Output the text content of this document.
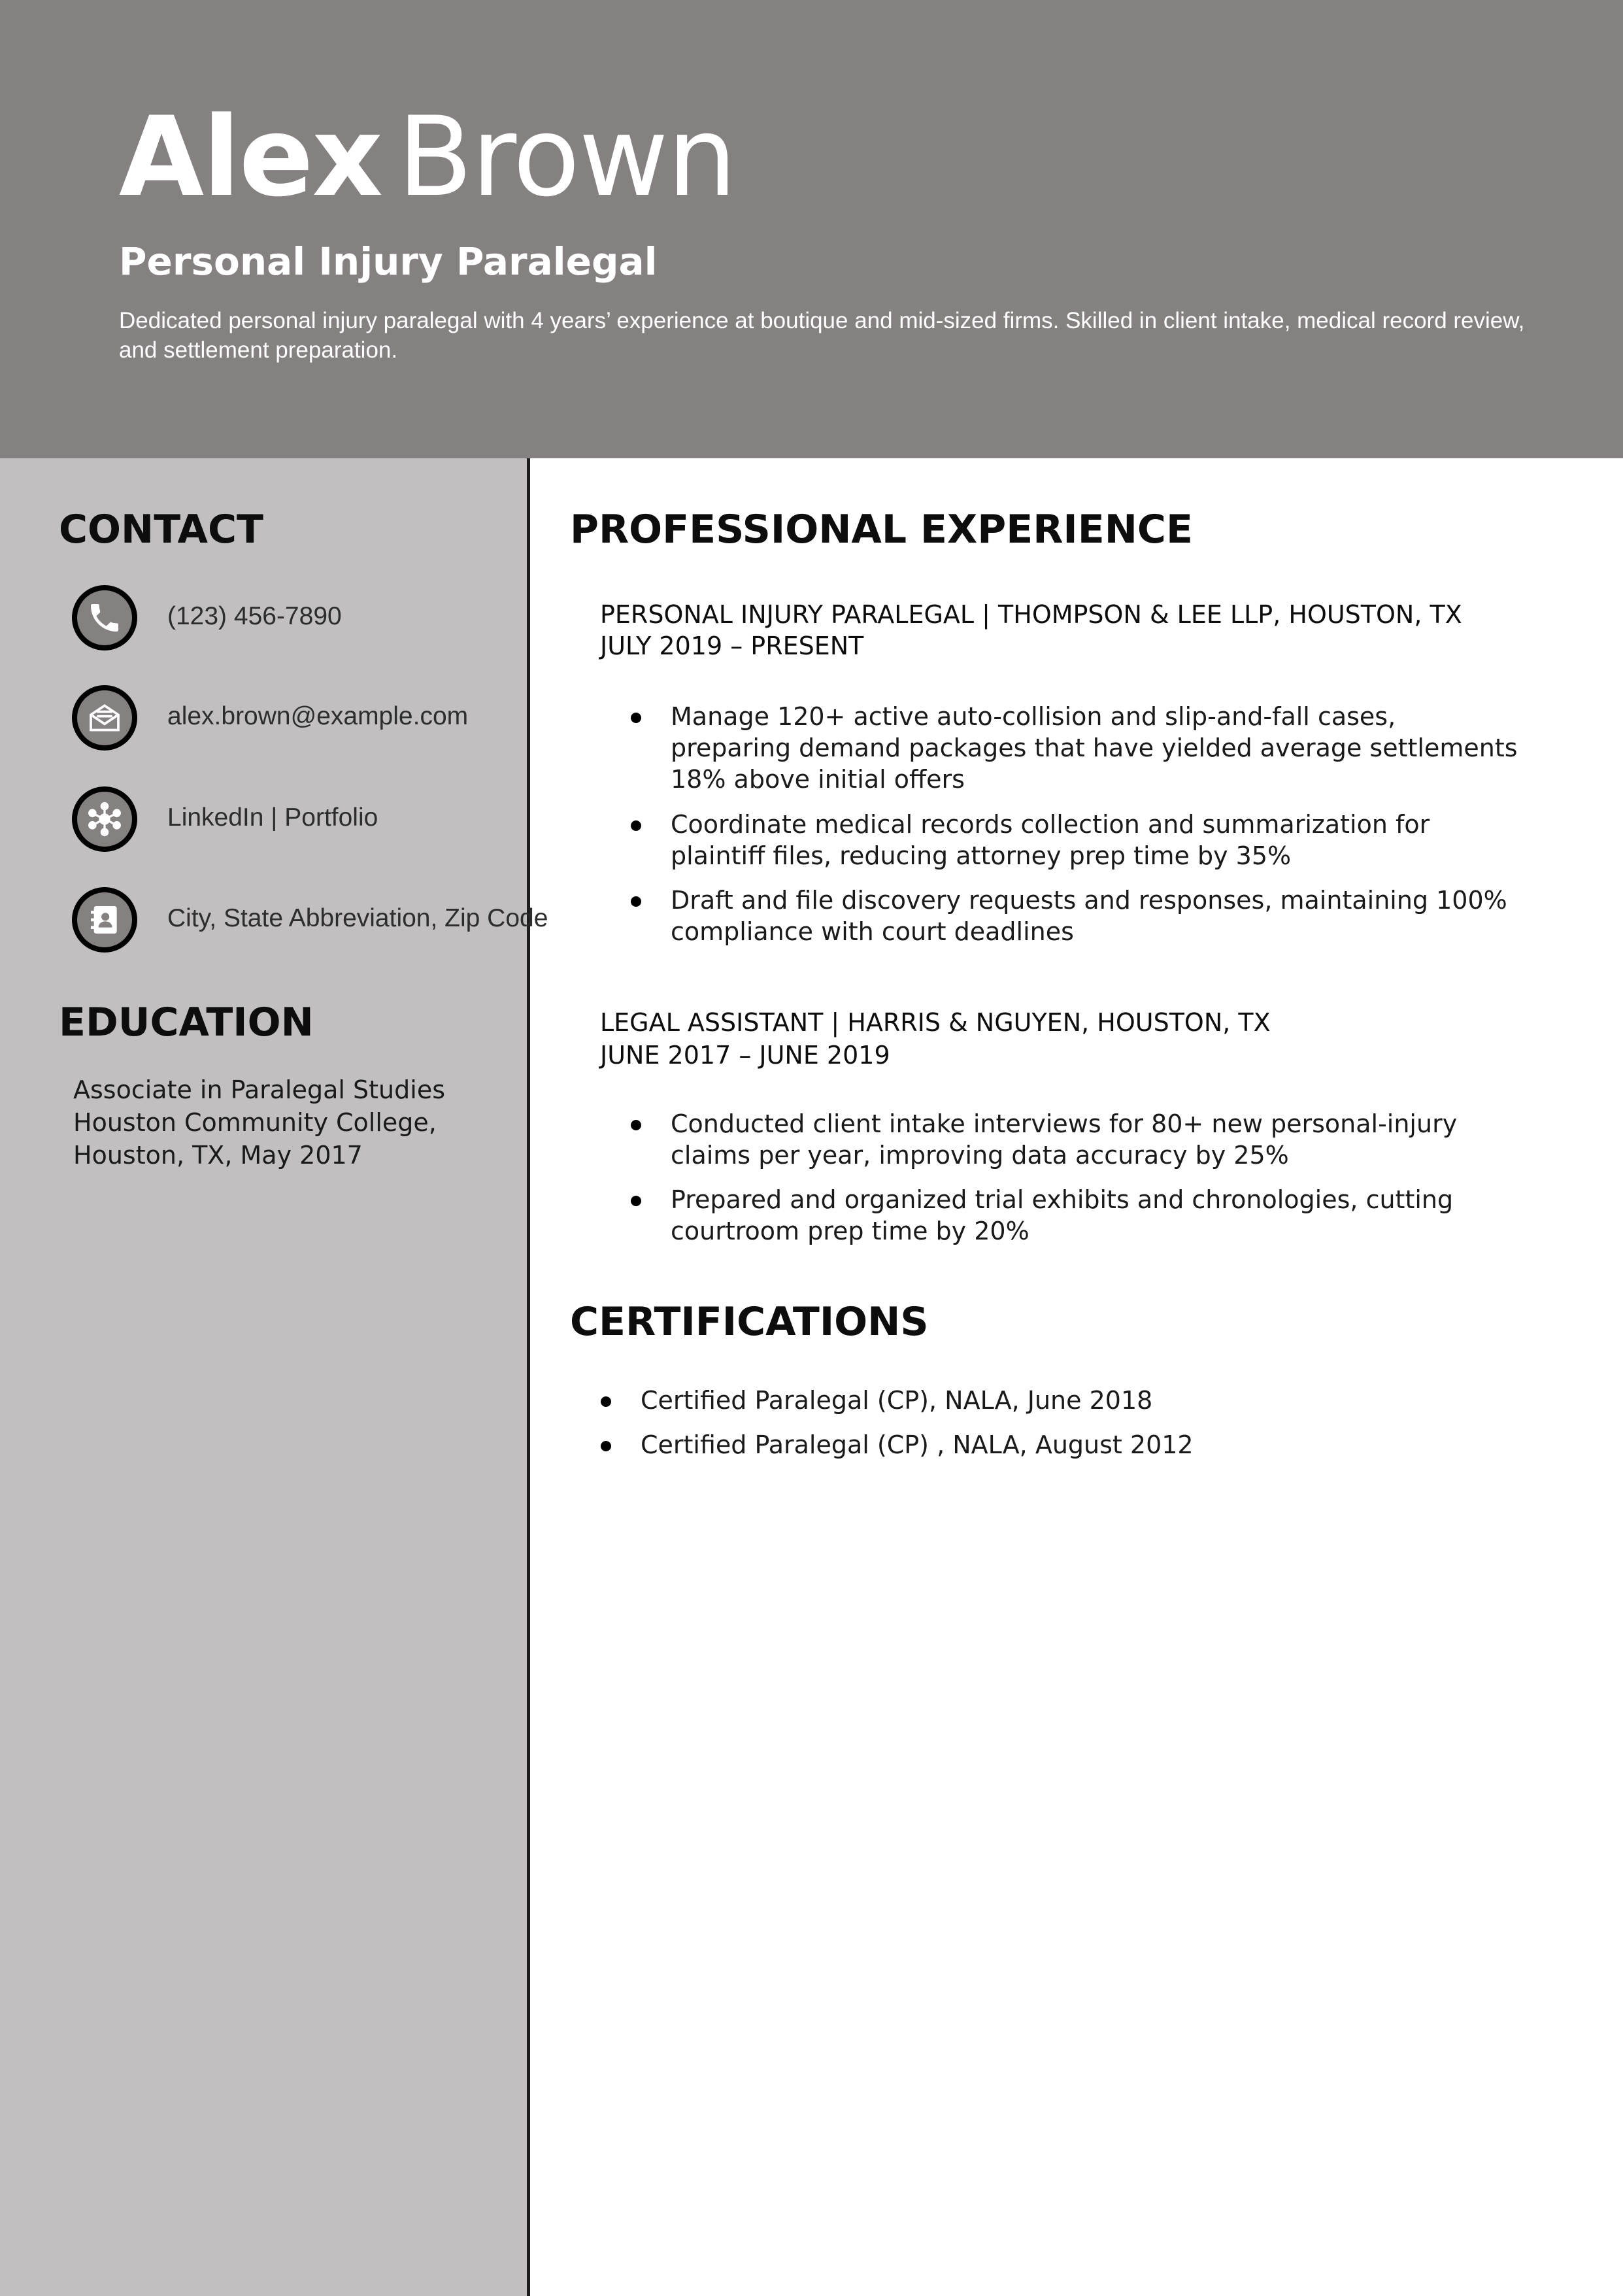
Alex Brown
Personal Injury Paralegal

Dedicated personal injury paralegal with 4 years’ experience at boutique and mid-sized firms. Skilled in client intake, medical record review, and settlement preparation.

CONTACT
(123) 456-7890
alex.brown@example.com
LinkedIn | Portfolio
City, State Abbreviation, Zip Code
EDUCATION

Associate in Paralegal Studies

Houston Community College,

Houston, TX, May 2017

PROFESSIONAL EXPERIENCE

PERSONAL INJURY PARALEGAL | THOMPSON & LEE LLP, HOUSTON, TX

JULY 2019 – PRESENT

Manage 120+ active auto-collision and slip-and-fall cases, preparing demand packages that have yielded average settlements 18% above initial offers

Coordinate medical records collection and summarization for plaintiff files, reducing attorney prep time by 35%

Draft and file discovery requests and responses, maintaining 100% compliance with court deadlines

LEGAL ASSISTANT | HARRIS & NGUYEN, HOUSTON, TX

JUNE 2017 – JUNE 2019

Conducted client intake interviews for 80+ new personal-injury claims per year, improving data accuracy by 25%

Prepared and organized trial exhibits and chronologies, cutting courtroom prep time by 20%

CERTIFICATIONS

Certified Paralegal (CP), NALA, June 2018

Certified Paralegal (CP) , NALA, August 2012
